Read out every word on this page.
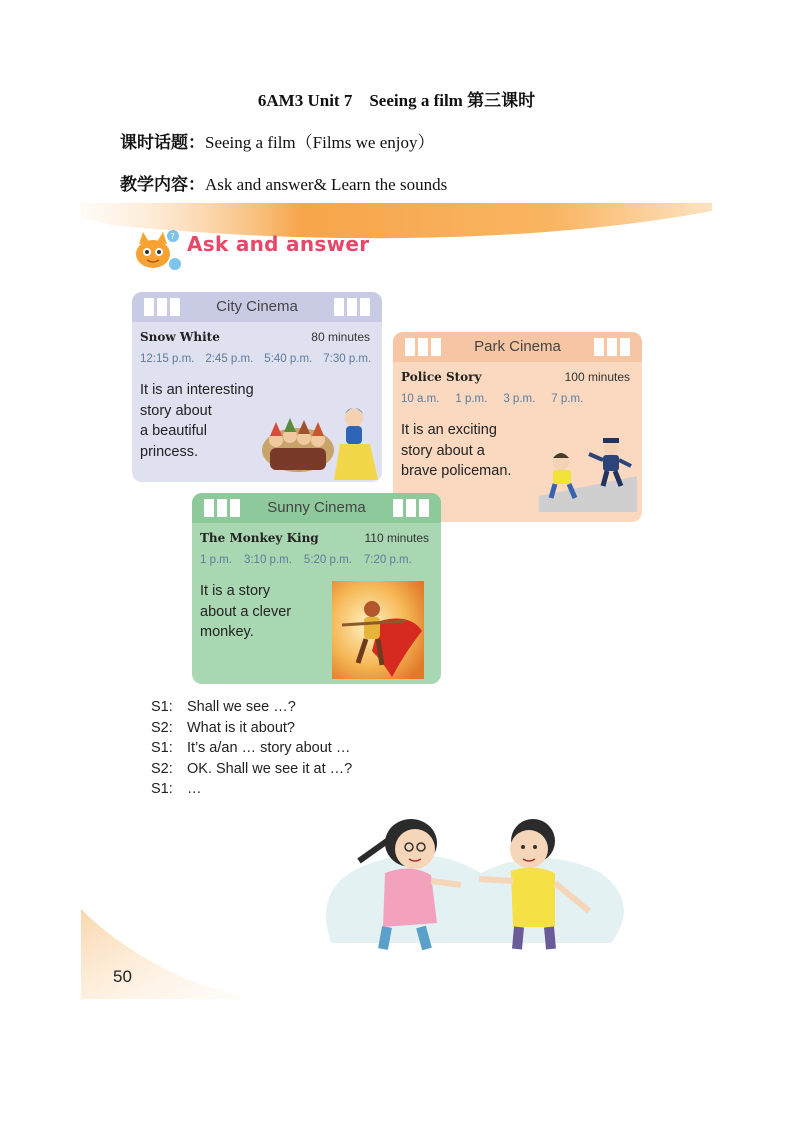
6AM3 Unit 7　Seeing a film 第三课时
课时话题：Seeing a film（Films we enjoy）
教学内容：Ask and answer& Learn the sounds
? Ask and answer
City Cinema
Snow White	80 minutes
12:15 p.m. 2:45 p.m. 5:40 p.m. 7:30 p.m.
It is an interesting
story about
a beautiful
princess.
Park Cinema
Police Story	100 minutes
10 a.m. 1 p.m. 3 p.m. 7 p.m.
It is an exciting
story about a
brave policeman.
Sunny Cinema
The Monkey King	110 minutes
1 p.m. 3:10 p.m. 5:20 p.m. 7:20 p.m.
It is a story
about a clever
monkey.
S1: Shall we see …?
S2: What is it about?
S1: It’s a/an … story about …
S2: OK. Shall we see it at …?
S1: …
50
